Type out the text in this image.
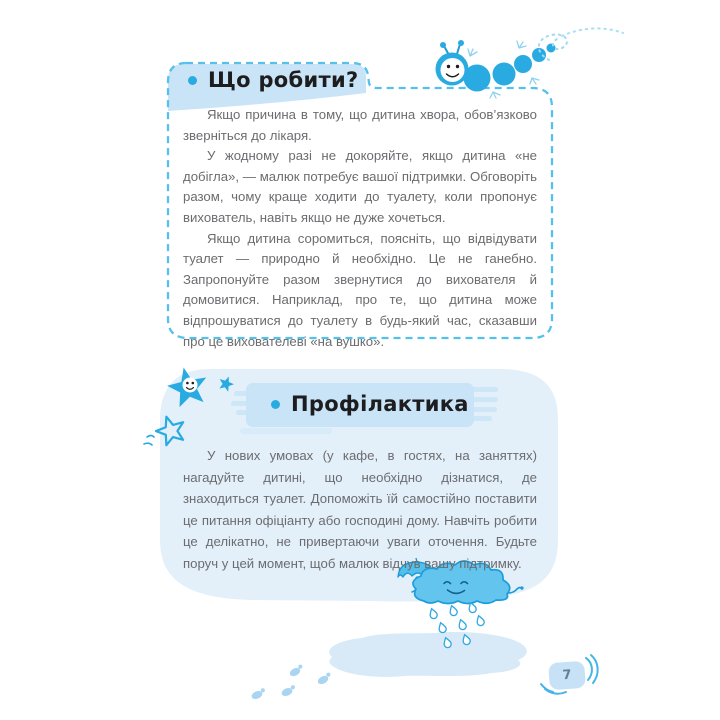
Що робити?

Якщо причина в тому, що дитина хвора, обов’язково зверніться до лікаря.

У жодному разі не докоряйте, якщо дитина «не добігла», — малюк потребує вашої підтримки. Обговоріть разом, чому краще ходити до туалету, коли пропонує вихователь, навіть якщо не дуже хочеться.

Якщо дитина соромиться, поясніть, що відвідувати туалет — природно й необхідно. Це не ганебно. Запропонуйте разом звернутися до вихователя й домовитися. Наприклад, про те, що дитина може відпрошуватися до туалету в будь-який час, сказавши про це вихователеві «на вушко».

Профілактика

У нових умовах (у кафе, в гостях, на заняттях) нагадуйте дитині, що необхідно дізнатися, де знаходиться туалет. Допоможіть їй самостійно поставити це питання офіціанту або господині дому. Навчіть робити це делікатно, не привертаючи уваги оточення. Будьте поруч у цей момент, щоб малюк відчув вашу підтримку.

7
